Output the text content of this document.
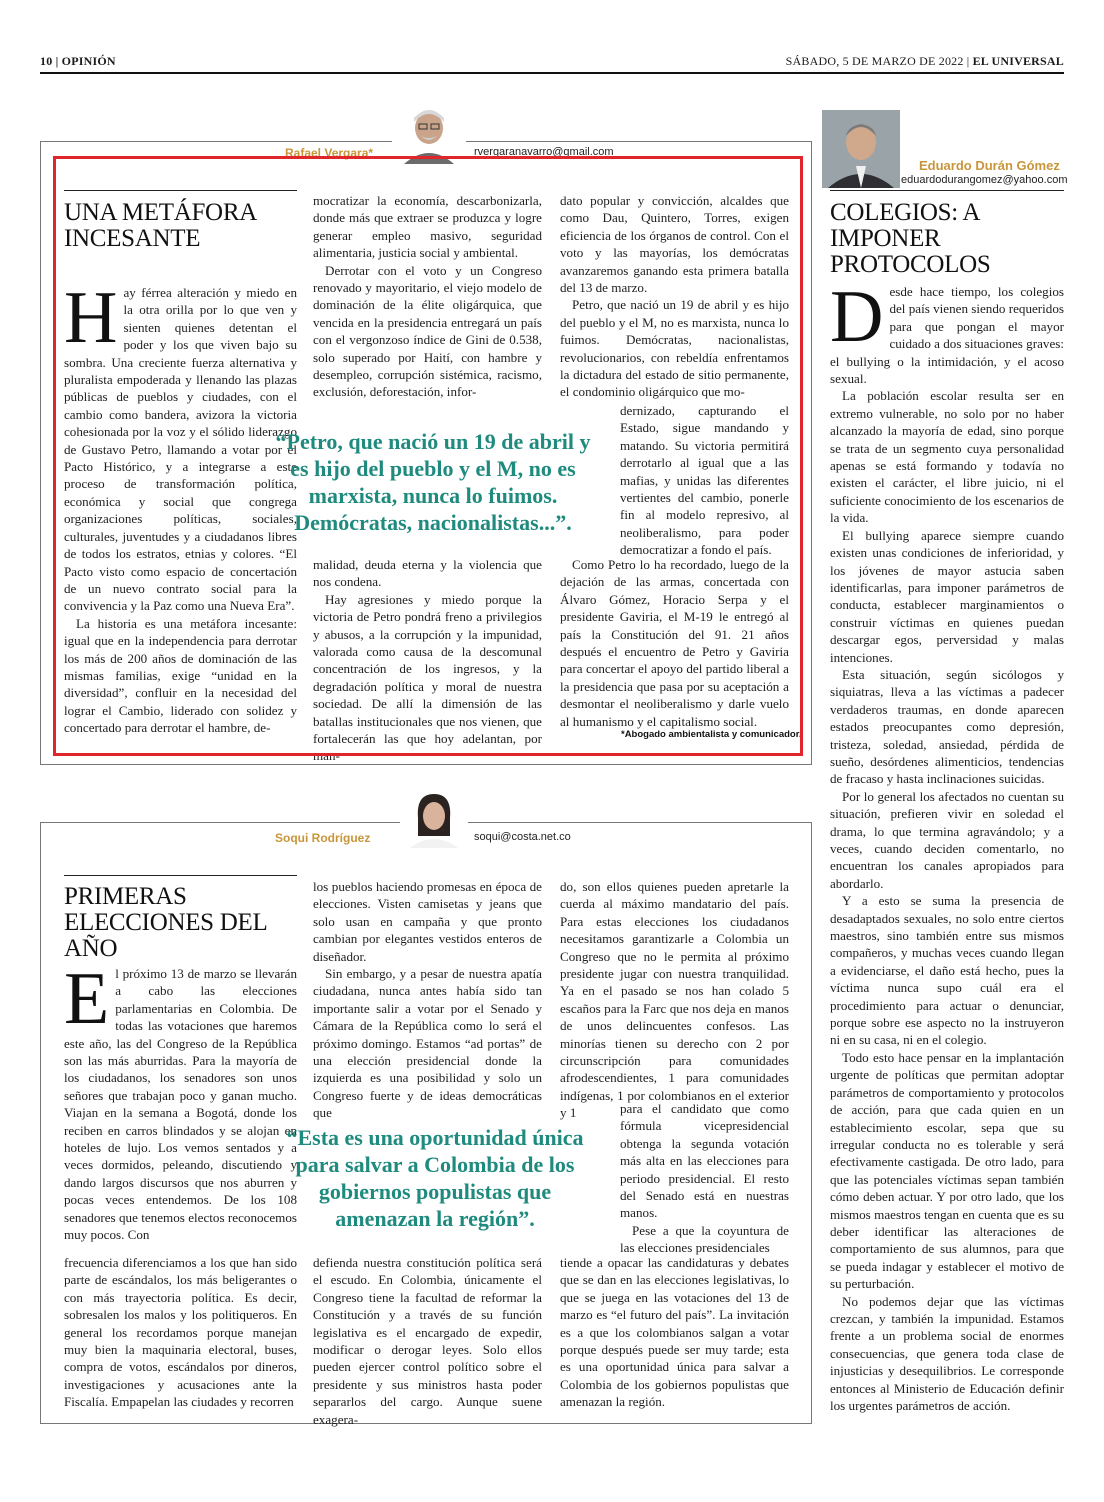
10 | OPINIÓN	SÁBADO, 5 DE MARZO DE 2022 | EL UNIVERSAL
Rafael Vergara*	rvergaranavarro@gmail.com
UNA METÁFORA INCESANTE
H ay férrea alteración y miedo en la otra orilla por lo que ven y sienten quienes detentan el poder y los que viven bajo su sombra. Una creciente fuerza alternativa y pluralista empoderada y llenando las plazas públicas de pueblos y ciudades, con el cambio como bandera, avizora la victoria cohesionada por la voz y el sólido liderazgo de Gustavo Petro, llamando a votar por el Pacto Histórico, y a integrarse a este proceso de transformación política, económica y social que congrega organizaciones políticas, sociales, culturales, juventudes y a ciudadanos libres de todos los estratos, etnias y colores. “El Pacto visto como espacio de concertación de un nuevo contrato social para la convivencia y la Paz como una Nueva Era”.

La historia es una metáfora incesante: igual que en la independencia para derrotar los más de 200 años de dominación de las mismas familias, exige “unidad en la diversidad”, confluir en la necesidad del lograr el Cambio, liderado con solidez y concertado para derrotar el hambre, de-

mocratizar la economía, descarbonizarla, donde más que extraer se produzca y logre generar empleo masivo, seguridad alimentaria, justicia social y ambiental.

Derrotar con el voto y un Congreso renovado y mayoritario, el viejo modelo de dominación de la élite oligárquica, que vencida en la presidencia entregará un país con el vergonzoso índice de Gini de 0.538, solo superado por Haití, con hambre y desempleo, corrupción sistémica, racismo, exclusión, deforestación, infor-

“Petro, que nació un 19 de abril y es hijo del pueblo y el M, no es marxista, nunca lo fuimos. Demócratas, nacionalistas...”.

malidad, deuda eterna y la violencia que nos condena.

Hay agresiones y miedo porque la victoria de Petro pondrá freno a privilegios y abusos, a la corrupción y la impunidad, valorada como causa de la descomunal concentración de los ingresos, y la degradación política y moral de nuestra sociedad. De allí la dimensión de las batallas institucionales que nos vienen, que fortalecerán las que hoy adelantan, por man-

dato popular y convicción, alcaldes que como Dau, Quintero, Torres, exigen eficiencia de los órganos de control. Con el voto y las mayorías, los demócratas avanzaremos ganando esta primera batalla del 13 de marzo.

Petro, que nació un 19 de abril y es hijo del pueblo y el M, no es marxista, nunca lo fuimos. Demócratas, nacionalistas, revolucionarios, con rebeldía enfrentamos la dictadura del estado de sitio permanente, el condominio oligárquico que mo-

dernizado, capturando el Estado, sigue mandando y matando. Su victoria permitirá derrotarlo al igual que a las mafias, y unidas las diferentes vertientes del cambio, ponerle fin al modelo represivo, al neoliberalismo, para poder democratizar a fondo el país.

Como Petro lo ha recordado, luego de la dejación de las armas, concertada con Álvaro Gómez, Horacio Serpa y el presidente Gaviria, el M-19 le entregó al país la Constitución del 91. 21 años después el encuentro de Petro y Gaviria para concertar el apoyo del partido liberal a la presidencia que pasa por su aceptación a desmontar el neoliberalismo y darle vuelo al humanismo y el capitalismo social.

*Abogado ambientalista y comunicador.
Soqui Rodríguez	soqui@costa.net.co
PRIMERAS ELECCIONES DEL AÑO
E l próximo 13 de marzo se llevarán a cabo las elecciones parlamentarias en Colombia. De todas las votaciones que haremos este año, las del Congreso de la República son las más aburridas. Para la mayoría de los ciudadanos, los senadores son unos señores que trabajan poco y ganan mucho. Viajan en la semana a Bogotá, donde los reciben en carros blindados y se alojan en hoteles de lujo. Los vemos sentados y a veces dormidos, peleando, discutiendo y dando largos discursos que nos aburren y pocas veces entendemos. De los 108 senadores que tenemos electos reconocemos muy pocos. Con

frecuencia diferenciamos a los que han sido parte de escándalos, los más beligerantes o con más trayectoria política. Es decir, sobresalen los malos y los politiqueros. En general los recordamos porque manejan muy bien la maquinaria electoral, buses, compra de votos, escándalos por dineros, investigaciones y acusaciones ante la Fiscalía. Empapelan las ciudades y recorren

los pueblos haciendo promesas en época de elecciones. Visten camisetas y jeans que solo usan en campaña y que pronto cambian por elegantes vestidos enteros de diseñador.

Sin embargo, y a pesar de nuestra apatía ciudadana, nunca antes había sido tan importante salir a votar por el Senado y Cámara de la República como lo será el próximo domingo. Estamos “ad portas” de una elección presidencial donde la izquierda es una posibilidad y solo un Congreso fuerte y de ideas democráticas que

“Esta es una oportunidad única para salvar a Colombia de los gobiernos populistas que amenazan la región”.

defienda nuestra constitución política será el escudo. En Colombia, únicamente el Congreso tiene la facultad de reformar la Constitución y a través de su función legislativa es el encargado de expedir, modificar o derogar leyes. Solo ellos pueden ejercer control político sobre el presidente y sus ministros hasta poder separarlos del cargo. Aunque suene exagera-

do, son ellos quienes pueden apretarle la cuerda al máximo mandatario del país. Para estas elecciones los ciudadanos necesitamos garantizarle a Colombia un Congreso que no le permita al próximo presidente jugar con nuestra tranquilidad. Ya en el pasado se nos han colado 5 escaños para la Farc que nos deja en manos de unos delincuentes confesos. Las minorías tienen su derecho con 2 por circunscripción para comunidades afrodescendientes, 1 para comunidades indígenas, 1 por colombianos en el exterior y 1	para el candidato que como fórmula vicepresidencial obtenga la segunda votación más alta en las elecciones para periodo presidencial. El resto del Senado está en nuestras manos.

Pese a que la coyuntura de las elecciones presidenciales

tiende a opacar las candidaturas y debates que se dan en las elecciones legislativas, lo que se juega en las votaciones del 13 de marzo es “el futuro del país”. La invitación es a que los colombianos salgan a votar porque después puede ser muy tarde; esta es una oportunidad única para salvar a Colombia de los gobiernos populistas que amenazan la región.

Eduardo Durán Gómez
eduardodurangomez@yahoo.com
COLEGIOS: A IMPONER PROTOCOLOS
D esde hace tiempo, los colegios del país vienen siendo requeridos para que pongan el mayor cuidado a dos situaciones graves: el bullying o la intimidación, y el acoso sexual.

La población escolar resulta ser en extremo vulnerable, no solo por no haber alcanzado la mayoría de edad, sino porque se trata de un segmento cuya personalidad apenas se está formando y todavía no existen el carácter, el libre juicio, ni el suficiente conocimiento de los escenarios de la vida.

El bullying aparece siempre cuando existen unas condiciones de inferioridad, y los jóvenes de mayor astucia saben identificarlas, para imponer parámetros de conducta, establecer marginamientos o construir víctimas en quienes puedan descargar egos, perversidad y malas intenciones.

Esta situación, según sicólogos y siquiatras, lleva a las víctimas a padecer verdaderos traumas, en donde aparecen estados preocupantes como depresión, tristeza, soledad, ansiedad, pérdida de sueño, desórdenes alimenticios, tendencias de fracaso y hasta inclinaciones suicidas.

Por lo general los afectados no cuentan su situación, prefieren vivir en soledad el drama, lo que termina agravándolo; y a veces, cuando deciden comentarlo, no encuentran los canales apropiados para abordarlo.

Y a esto se suma la presencia de desadaptados sexuales, no solo entre ciertos maestros, sino también entre sus mismos compañeros, y muchas veces cuando llegan a evidenciarse, el daño está hecho, pues la víctima nunca supo cuál era el procedimiento para actuar o denunciar, porque sobre ese aspecto no la instruyeron ni en su casa, ni en el colegio.

Todo esto hace pensar en la implantación urgente de políticas que permitan adoptar parámetros de comportamiento y protocolos de acción, para que cada quien en un establecimiento escolar, sepa que su irregular conducta no es tolerable y será efectivamente castigada. De otro lado, para que las potenciales víctimas sepan también cómo deben actuar. Y por otro lado, que los mismos maestros tengan en cuenta que es su deber identificar las alteraciones de comportamiento de sus alumnos, para que se pueda indagar y establecer el motivo de su perturbación.

No podemos dejar que las víctimas crezcan, y también la impunidad. Estamos frente a un problema social de enormes consecuencias, que genera toda clase de injusticias y desequilibrios. Le corresponde entonces al Ministerio de Educación definir los urgentes parámetros de acción.
